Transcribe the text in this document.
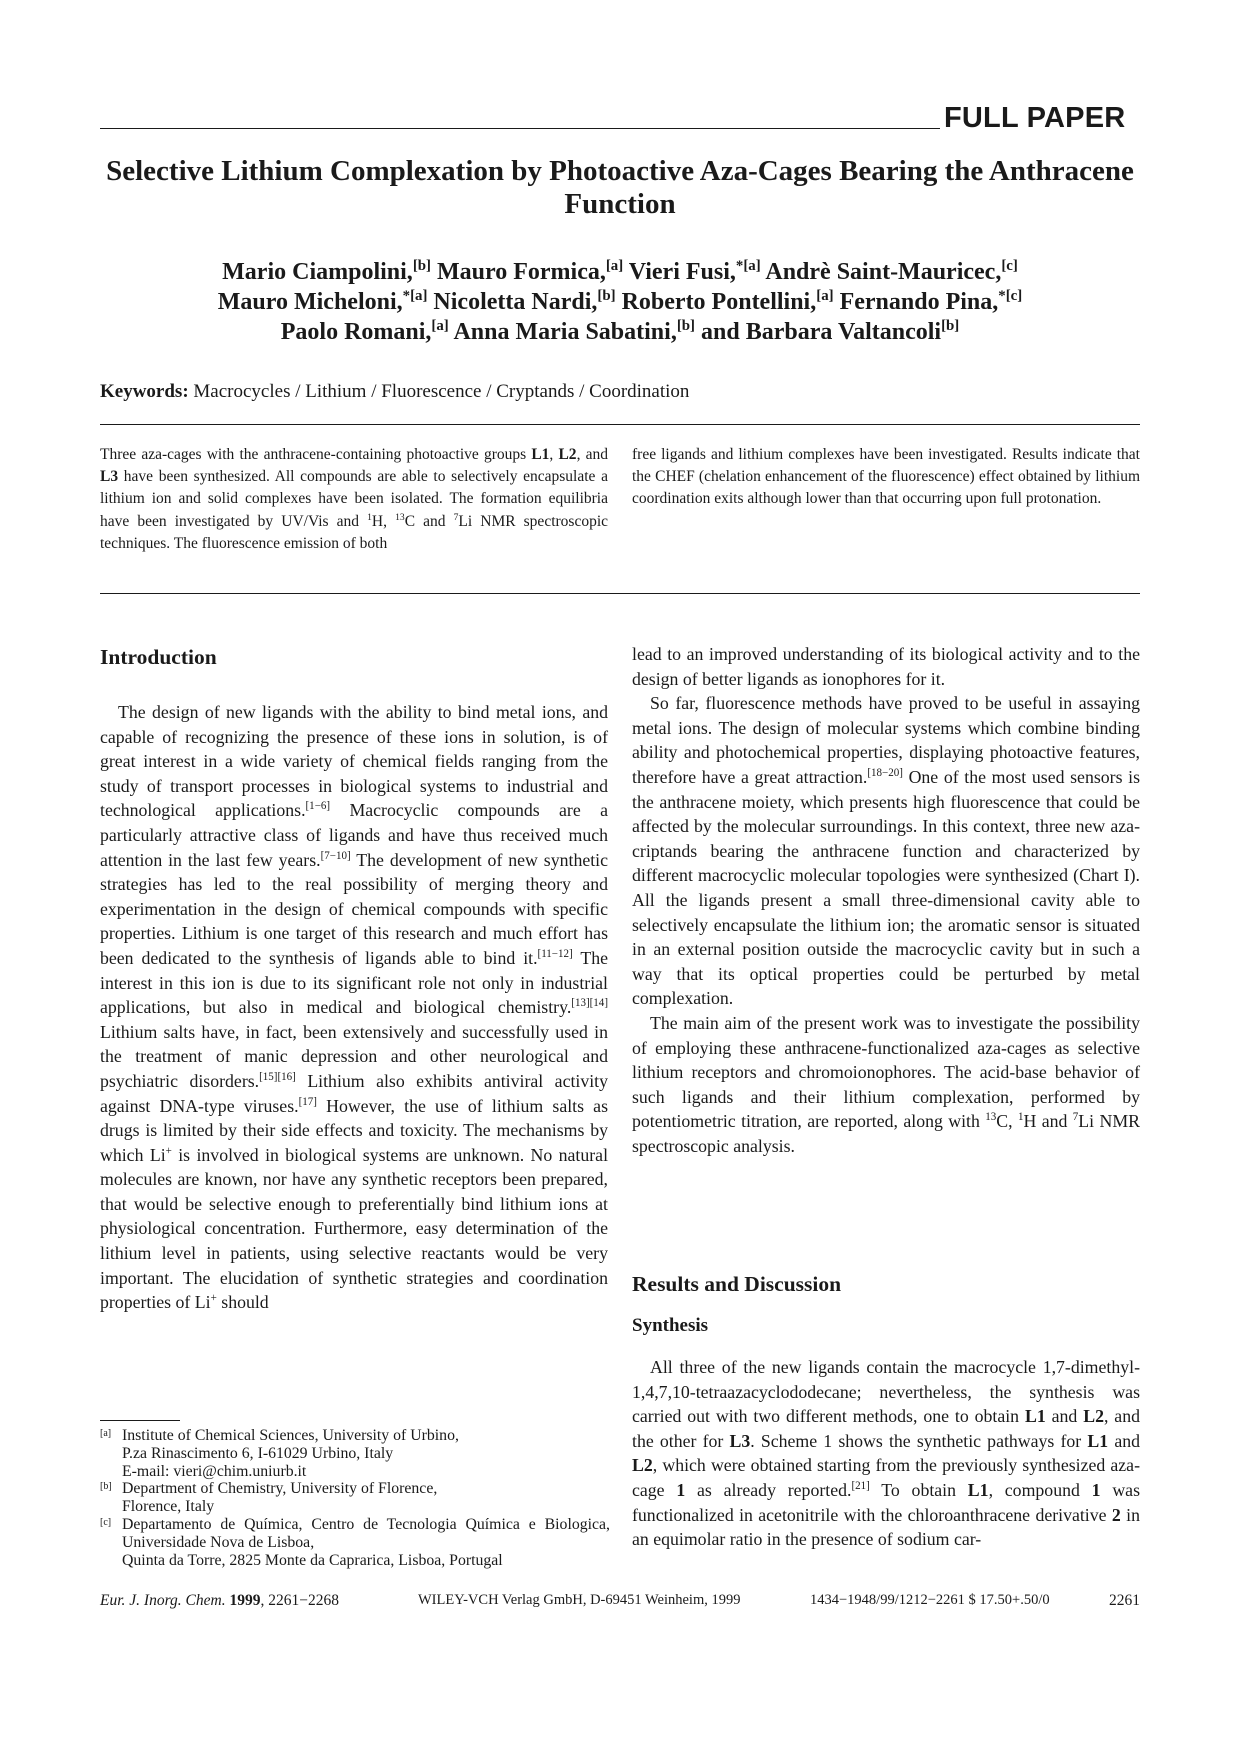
FULL PAPER
Selective Lithium Complexation by Photoactive Aza-Cages Bearing the Anthracene Function
Mario Ciampolini,[b] Mauro Formica,[a] Vieri Fusi,$^{*[a]}$ Andrè Saint-Mauricec,[c]
Mauro Micheloni,$^{*[a]}$ Nicoletta Nardi,[b] Roberto Pontellini,[a] Fernando Pina,$^{*[c]}$
Paolo Romani,[a] Anna Maria Sabatini,[b] and Barbara Valtancoli[b]
Keywords: Macrocycles / Lithium / Fluorescence / Cryptands / Coordination
Three aza-cages with the anthracene-containing photoactive groups L1, L2, and L3 have been synthesized. All compounds are able to selectively encapsulate a lithium ion and solid complexes have been isolated. The formation equilibria have been investigated by UV/Vis and $^1$H, $^{13}$C and $^7$Li NMR spectroscopic techniques. The fluorescence emission of both
free ligands and lithium complexes have been investigated. Results indicate that the CHEF (chelation enhancement of the fluorescence) effect obtained by lithium coordination exits although lower than that occurring upon full protonation.
Introduction

The design of new ligands with the ability to bind metal ions, and capable of recognizing the presence of these ions in solution, is of great interest in a wide variety of chemical fields ranging from the study of transport processes in biological systems to industrial and technological applications.[1−6] Macrocyclic compounds are a particularly attractive class of ligands and have thus received much attention in the last few years.[7−10] The development of new synthetic strategies has led to the real possibility of merging theory and experimentation in the design of chemical compounds with specific properties. Lithium is one target of this research and much effort has been dedicated to the synthesis of ligands able to bind it.[11−12] The interest in this ion is due to its significant role not only in industrial applications, but also in medical and biological chemistry.[13][14] Lithium salts have, in fact, been extensively and successfully used in the treatment of manic depression and other neurological and psychiatric disorders.[15][16] Lithium also exhibits antiviral activity against DNA-type viruses.[17] However, the use of lithium salts as drugs is limited by their side effects and toxicity. The mechanisms by which Li+ is involved in biological systems are unknown. No natural molecules are known, nor have any synthetic receptors been prepared, that would be selective enough to preferentially bind lithium ions at physiological concentration. Furthermore, easy determination of the lithium level in patients, using selective reactants would be very important. The elucidation of synthetic strategies and coordination properties of Li+ should

lead to an improved understanding of its biological activity and to the design of better ligands as ionophores for it.

So far, fluorescence methods have proved to be useful in assaying metal ions. The design of molecular systems which combine binding ability and photochemical properties, displaying photoactive features, therefore have a great attraction.[18−20] One of the most used sensors is the anthracene moiety, which presents high fluorescence that could be affected by the molecular surroundings. In this context, three new aza-criptands bearing the anthracene function and characterized by different macrocyclic molecular topologies were synthesized (Chart I). All the ligands present a small three-dimensional cavity able to selectively encapsulate the lithium ion; the aromatic sensor is situated in an external position outside the macrocyclic cavity but in such a way that its optical properties could be perturbed by metal complexation.

The main aim of the present work was to investigate the possibility of employing these anthracene-functionalized aza-cages as selective lithium receptors and chromoionophores. The acid-base behavior of such ligands and their lithium complexation, performed by potentiometric titration, are reported, along with $^{13}$C, $^1$H and $^7$Li NMR spectroscopic analysis.

Results and Discussion
Synthesis

All three of the new ligands contain the macrocycle 1,7-dimethyl-1,4,7,10-tetraazacyclododecane; nevertheless, the synthesis was carried out with two different methods, one to obtain L1 and L2, and the other for L3. Scheme 1 shows the synthetic pathways for L1 and L2, which were obtained starting from the previously synthesized aza-cage 1 as already reported.[21] To obtain L1, compound 1 was functionalized in acetonitrile with the chloroanthracene derivative 2 in an equimolar ratio in the presence of sodium car-

[a] Institute of Chemical Sciences, University of Urbino,
P.za Rinascimento 6, I-61029 Urbino, Italy
E-mail: vieri@chim.uniurb.it
[b] Department of Chemistry, University of Florence,
Florence, Italy
[c] Departamento de Química, Centro de Tecnologia Química e Biologica, Universidade Nova de Lisboa,
Quinta da Torre, 2825 Monte da Caprarica, Lisboa, Portugal
Eur. J. Inorg. Chem. 1999, 2261−2268	WILEY-VCH Verlag GmbH, D-69451 Weinheim, 1999	1434−1948/99/1212−2261 $ 17.50+.50/0	2261
